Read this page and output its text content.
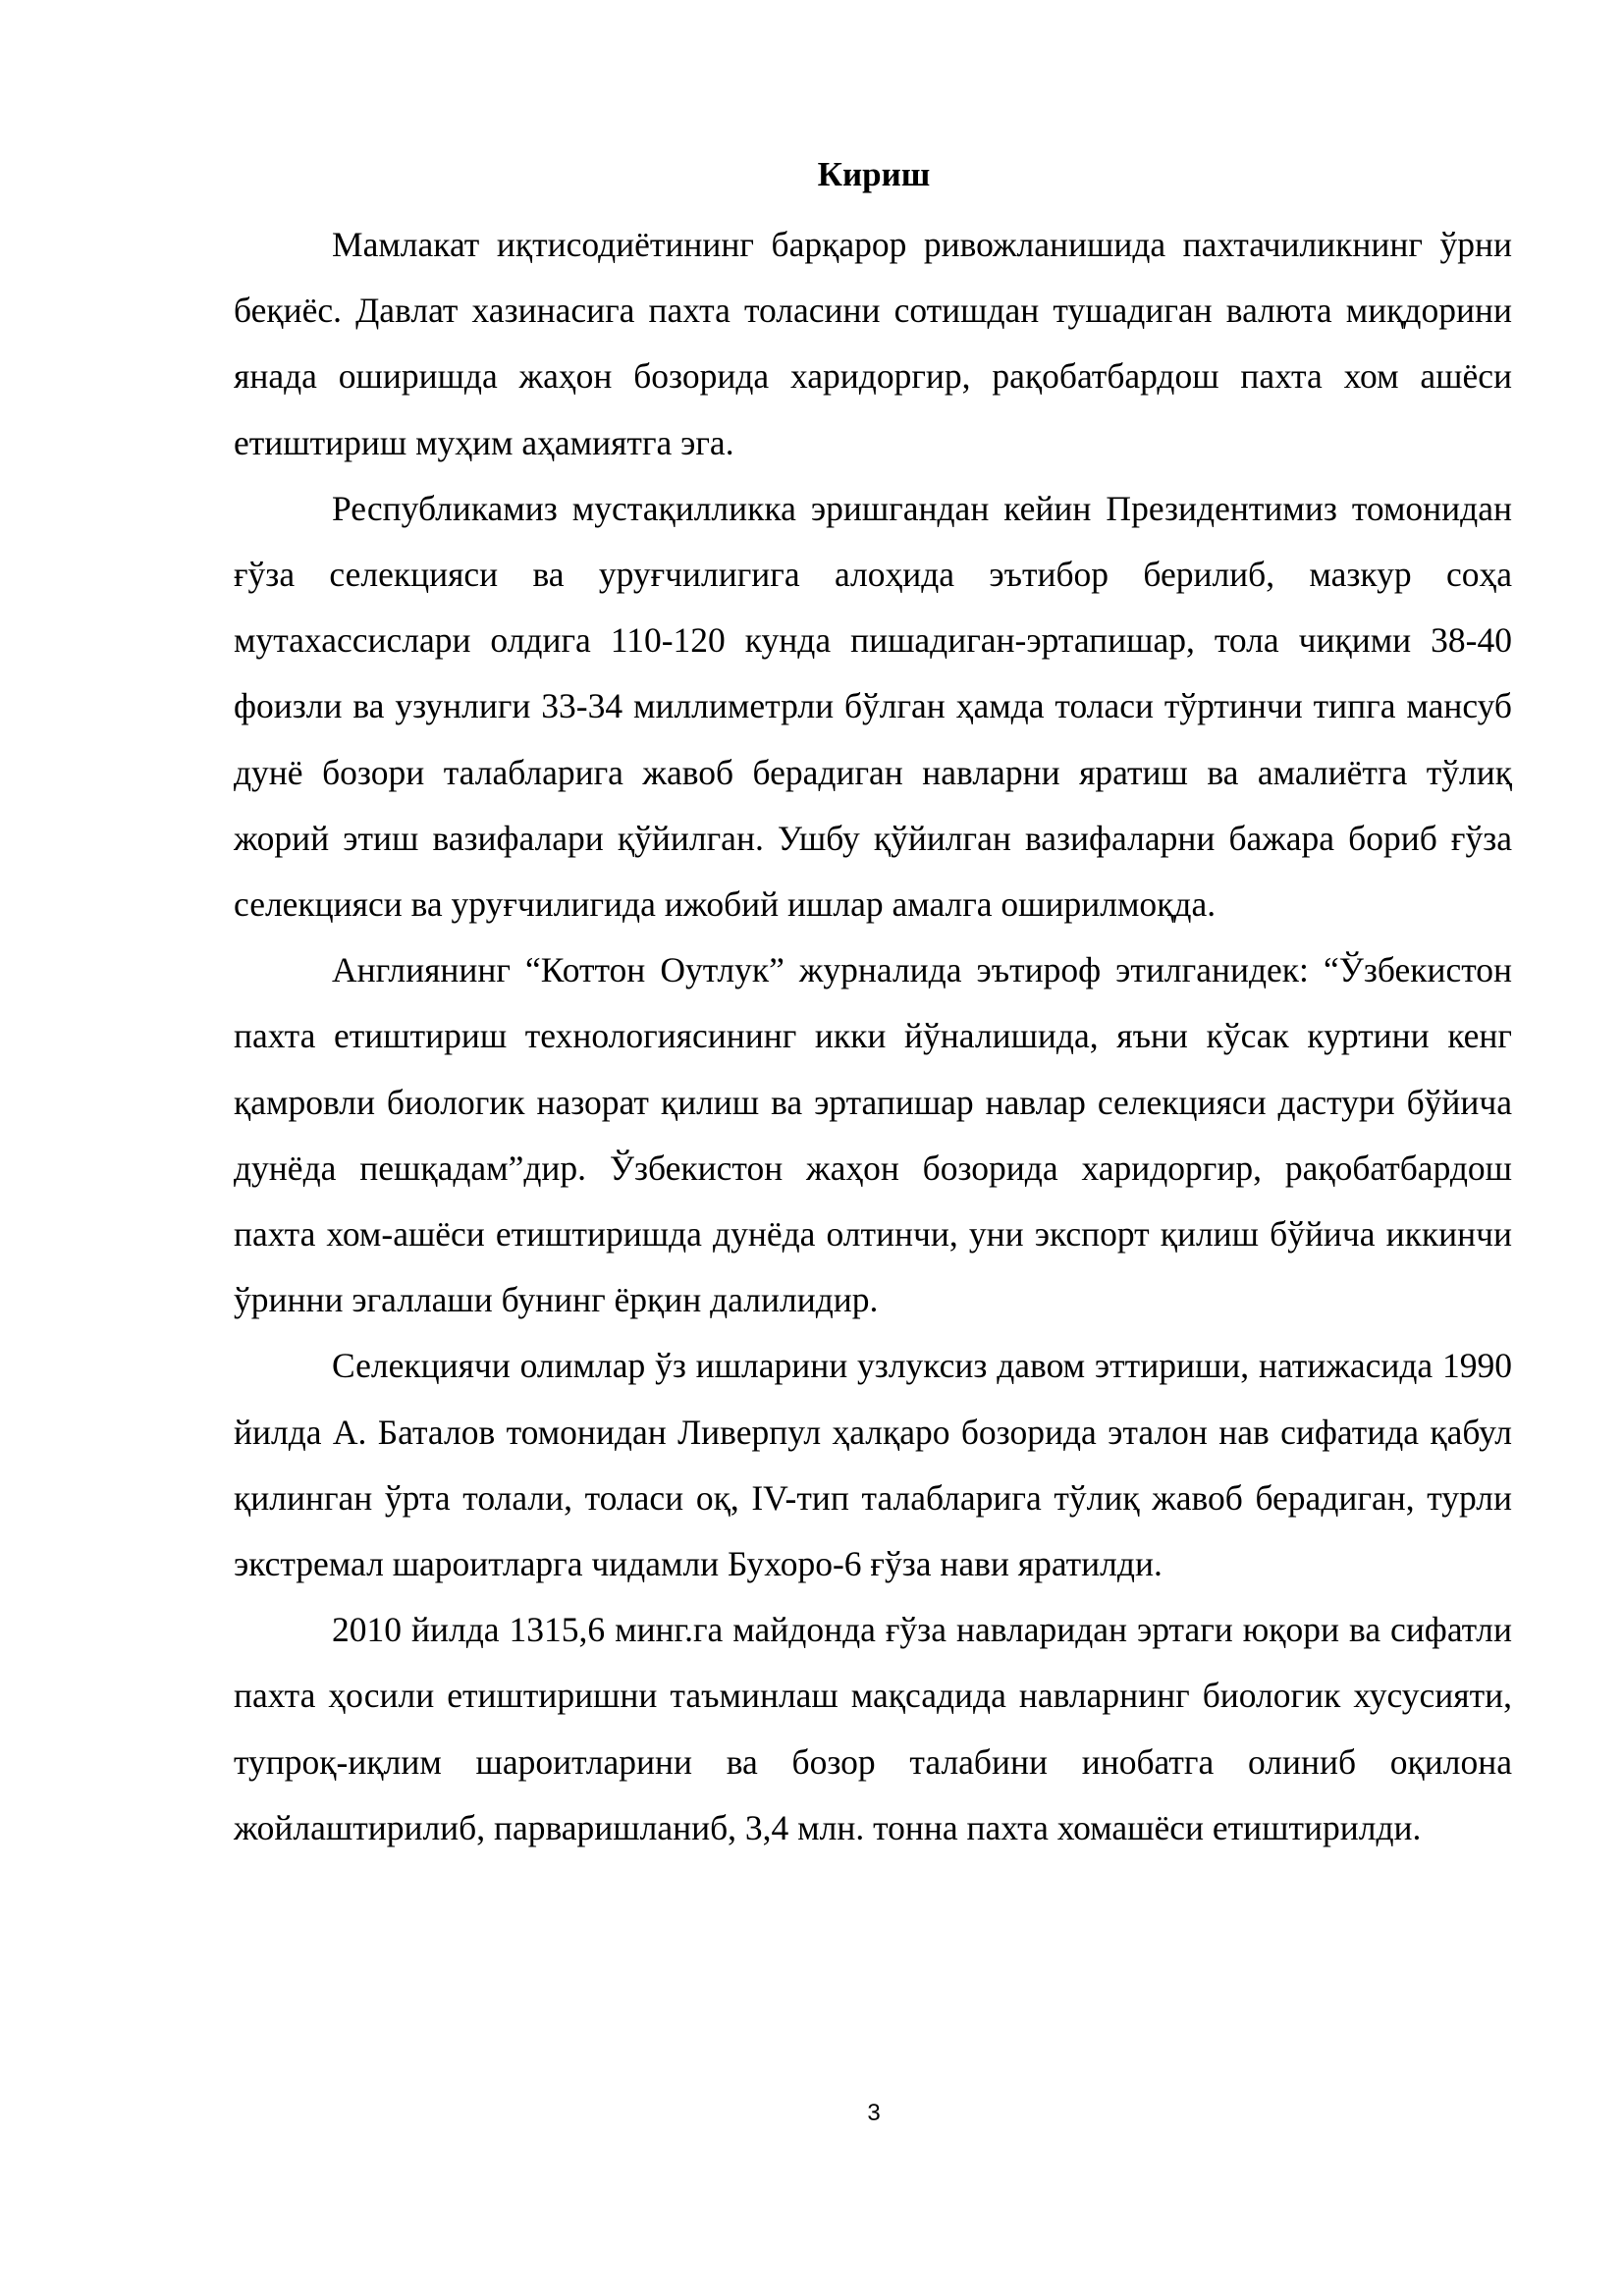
Кириш

Мамлакат иқтисодиётининг барқарор ривожланишида пахтачиликнинг ўрни беқиёс. Давлат хазинасига пахта толасини сотишдан тушадиган валюта миқдорини янада оширишда жаҳон бозорида харидоргир, рақобатбардош пахта хом ашёси етиштириш муҳим аҳамиятга эга.

Республикамиз мустақилликка эришгандан кейин Президентимиз томонидан ғўза селекцияси ва уруғчилигига алоҳида эътибор берилиб, мазкур соҳа мутахассислари олдига 110-120 кунда пишадиган-эртапишар, тола чиқими 38-40 фоизли ва узунлиги 33-34 миллиметрли бўлган ҳамда толаси тўртинчи типга мансуб дунё бозори талабларига жавоб берадиган навларни яратиш ва амалиётга тўлиқ жорий этиш вазифалари қўйилган. Ушбу қўйилган вазифаларни бажара бориб ғўза селекцияси ва уруғчилигида ижобий ишлар амалга оширилмоқда.

Англиянинг “Коттон Оутлук” журналида эътироф этилганидек: “Ўзбекистон пахта етиштириш технологиясининг икки йўналишида, яъни кўсак куртини кенг қамровли биологик назорат қилиш ва эртапишар навлар селекцияси дастури бўйича дунёда пешқадам”дир. Ўзбекистон жаҳон бозорида харидоргир, рақобатбардош пахта хом-ашёси етиштиришда дунёда олтинчи, уни экспорт қилиш бўйича иккинчи ўринни эгаллаши бунинг ёрқин далилидир.

Селекциячи олимлар ўз ишларини узлуксиз давом эттириши, натижасида 1990 йилда А. Баталов томонидан Ливерпул ҳалқаро бозорида эталон нав сифатида қабул қилинган ўрта толали, толаси оқ, IV-тип талабларига тўлиқ жавоб берадиган, турли экстремал шароитларга чидамли Бухоро-6 ғўза нави яратилди.

2010 йилда 1315,6 минг.га майдонда ғўза навларидан эртаги юқори ва сифатли пахта ҳосили етиштиришни таъминлаш мақсадида навларнинг биологик хусусияти, тупроқ-иқлим шароитларини ва бозор талабини инобатга олиниб оқилона жойлаштирилиб, парваришланиб, 3,4 млн. тонна пахта хомашёси етиштирилди.

3
